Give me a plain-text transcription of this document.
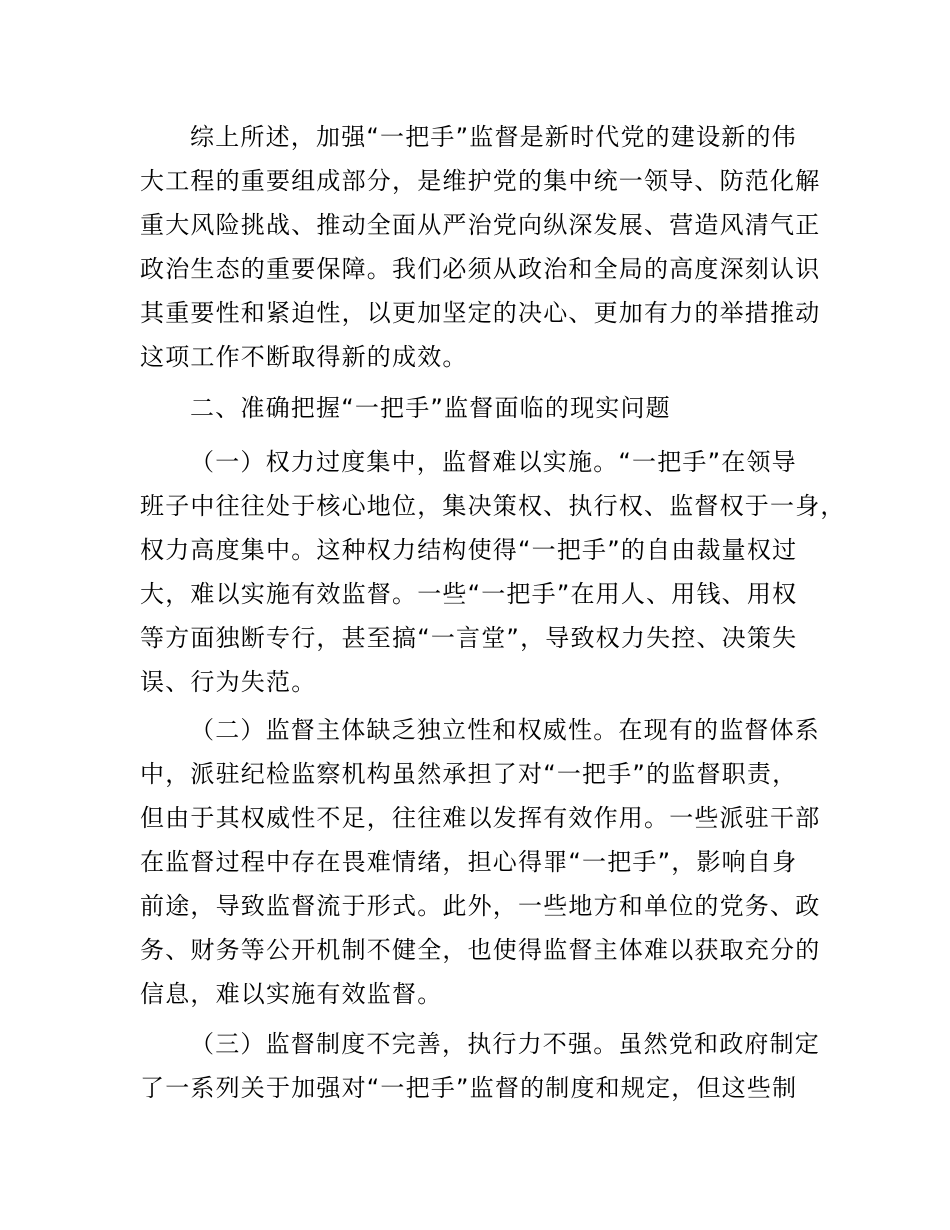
综上所述，加强“一把手”监督是新时代党的建设新的伟
大工程的重要组成部分，是维护党的集中统一领导、防范化解
重大风险挑战、推动全面从严治党向纵深发展、营造风清气正
政治生态的重要保障。我们必须从政治和全局的高度深刻认识
其重要性和紧迫性，以更加坚定的决心、更加有力的举措推动
这项工作不断取得新的成效。

二、准确把握“一把手”监督面临的现实问题

（一）权力过度集中，监督难以实施。“一把手”在领导
班子中往往处于核心地位，集决策权、执行权、监督权于一身，
权力高度集中。这种权力结构使得“一把手”的自由裁量权过
大，难以实施有效监督。一些“一把手”在用人、用钱、用权
等方面独断专行，甚至搞“一言堂”，导致权力失控、决策失
误、行为失范。

（二）监督主体缺乏独立性和权威性。在现有的监督体系
中，派驻纪检监察机构虽然承担了对“一把手”的监督职责，
但由于其权威性不足，往往难以发挥有效作用。一些派驻干部
在监督过程中存在畏难情绪，担心得罪“一把手”，影响自身
前途，导致监督流于形式。此外，一些地方和单位的党务、政
务、财务等公开机制不健全，也使得监督主体难以获取充分的
信息，难以实施有效监督。

（三）监督制度不完善，执行力不强。虽然党和政府制定
了一系列关于加强对“一把手”监督的制度和规定，但这些制
